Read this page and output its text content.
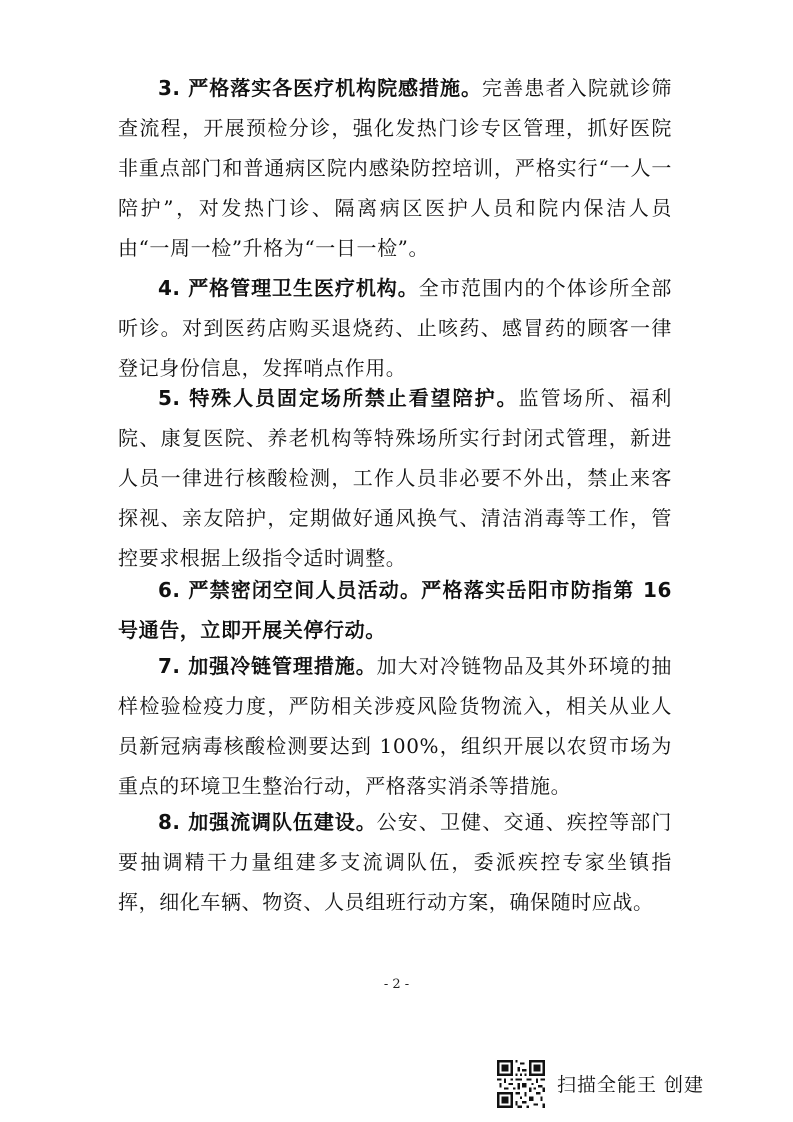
3. 严格落实各医疗机构院感措施。完善患者入院就诊筛查流程，开展预检分诊，强化发热门诊专区管理，抓好医院非重点部门和普通病区院内感染防控培训，严格实行“一人一陪护”，对发热门诊、隔离病区医护人员和院内保洁人员由“一周一检”升格为“一日一检”。

4. 严格管理卫生医疗机构。全市范围内的个体诊所全部听诊。对到医药店购买退烧药、止咳药、感冒药的顾客一律登记身份信息，发挥哨点作用。

5. 特殊人员固定场所禁止看望陪护。监管场所、福利院、康复医院、养老机构等特殊场所实行封闭式管理，新进人员一律进行核酸检测，工作人员非必要不外出，禁止来客探视、亲友陪护，定期做好通风换气、清洁消毒等工作，管控要求根据上级指令适时调整。

6. 严禁密闭空间人员活动。严格落实岳阳市防指第 16 号通告，立即开展关停行动。

7. 加强冷链管理措施。加大对冷链物品及其外环境的抽样检验检疫力度，严防相关涉疫风险货物流入，相关从业人员新冠病毒核酸检测要达到 100%，组织开展以农贸市场为重点的环境卫生整治行动，严格落实消杀等措施。

8. 加强流调队伍建设。公安、卫健、交通、疾控等部门要抽调精干力量组建多支流调队伍，委派疾控专家坐镇指挥，细化车辆、物资、人员组班行动方案，确保随时应战。

- 2 -
扫描全能王 创建
